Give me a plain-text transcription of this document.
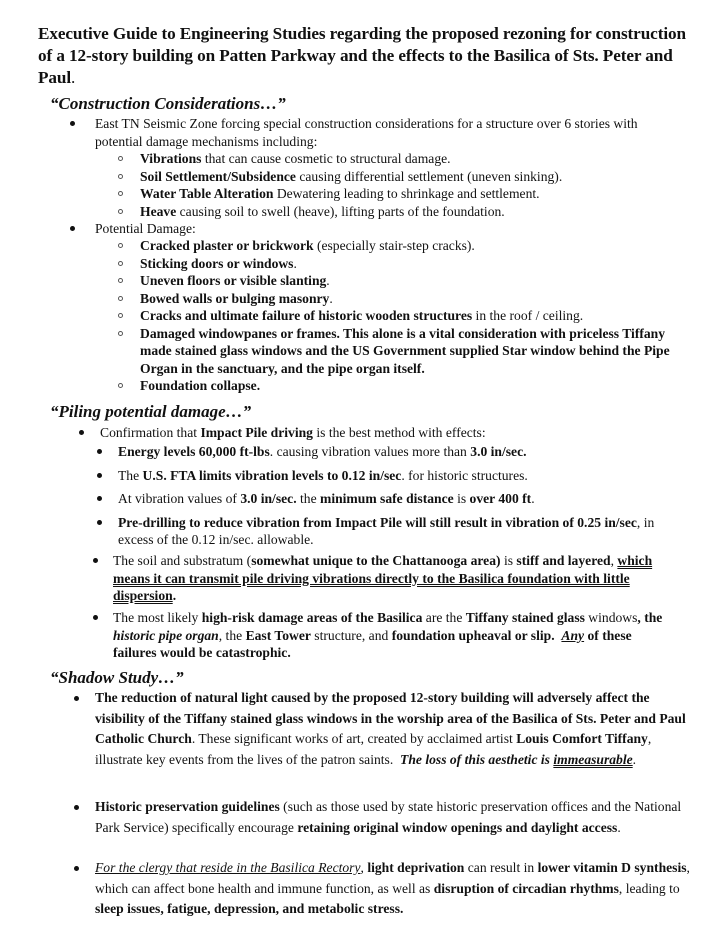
Executive Guide to Engineering Studies regarding the proposed rezoning for construction of a 12-story building on Patten Parkway and the effects to the Basilica of Sts. Peter and Paul.
“Construction Considerations…”
East TN Seismic Zone forcing special construction considerations for a structure over 6 stories with potential damage mechanisms including:
Vibrations that can cause cosmetic to structural damage.
Soil Settlement/Subsidence causing differential settlement (uneven sinking).
Water Table Alteration Dewatering leading to shrinkage and settlement.
Heave causing soil to swell (heave), lifting parts of the foundation.
Potential Damage:
Cracked plaster or brickwork (especially stair-step cracks).
Sticking doors or windows.
Uneven floors or visible slanting.
Bowed walls or bulging masonry.
Cracks and ultimate failure of historic wooden structures in the roof / ceiling.
Damaged windowpanes or frames. This alone is a vital consideration with priceless Tiffany made stained glass windows and the US Government supplied Star window behind the Pipe Organ in the sanctuary, and the pipe organ itself.
Foundation collapse.
“Piling potential damage…”
Confirmation that Impact Pile driving is the best method with effects:
Energy levels 60,000 ft-lbs. causing vibration values more than 3.0 in/sec.
The U.S. FTA limits vibration levels to 0.12 in/sec. for historic structures.
At vibration values of 3.0 in/sec. the minimum safe distance is over 400 ft.
Pre-drilling to reduce vibration from Impact Pile will still result in vibration of 0.25 in/sec, in excess of the 0.12 in/sec. allowable.
The soil and substratum (somewhat unique to the Chattanooga area) is stiff and layered, which means it can transmit pile driving vibrations directly to the Basilica foundation with little dispersion.
The most likely high-risk damage areas of the Basilica are the Tiffany stained glass windows, the historic pipe organ, the East Tower structure, and foundation upheaval or slip. Any of these failures would be catastrophic.
“Shadow Study…”
The reduction of natural light caused by the proposed 12-story building will adversely affect the visibility of the Tiffany stained glass windows in the worship area of the Basilica of Sts. Peter and Paul Catholic Church. These significant works of art, created by acclaimed artist Louis Comfort Tiffany, illustrate key events from the lives of the patron saints.  The loss of this aesthetic is immeasurable.
Historic preservation guidelines (such as those used by state historic preservation offices and the National Park Service) specifically encourage retaining original window openings and daylight access.
For the clergy that reside in the Basilica Rectory, light deprivation can result in lower vitamin D synthesis, which can affect bone health and immune function, as well as disruption of circadian rhythms, leading to sleep issues, fatigue, depression, and metabolic stress.
